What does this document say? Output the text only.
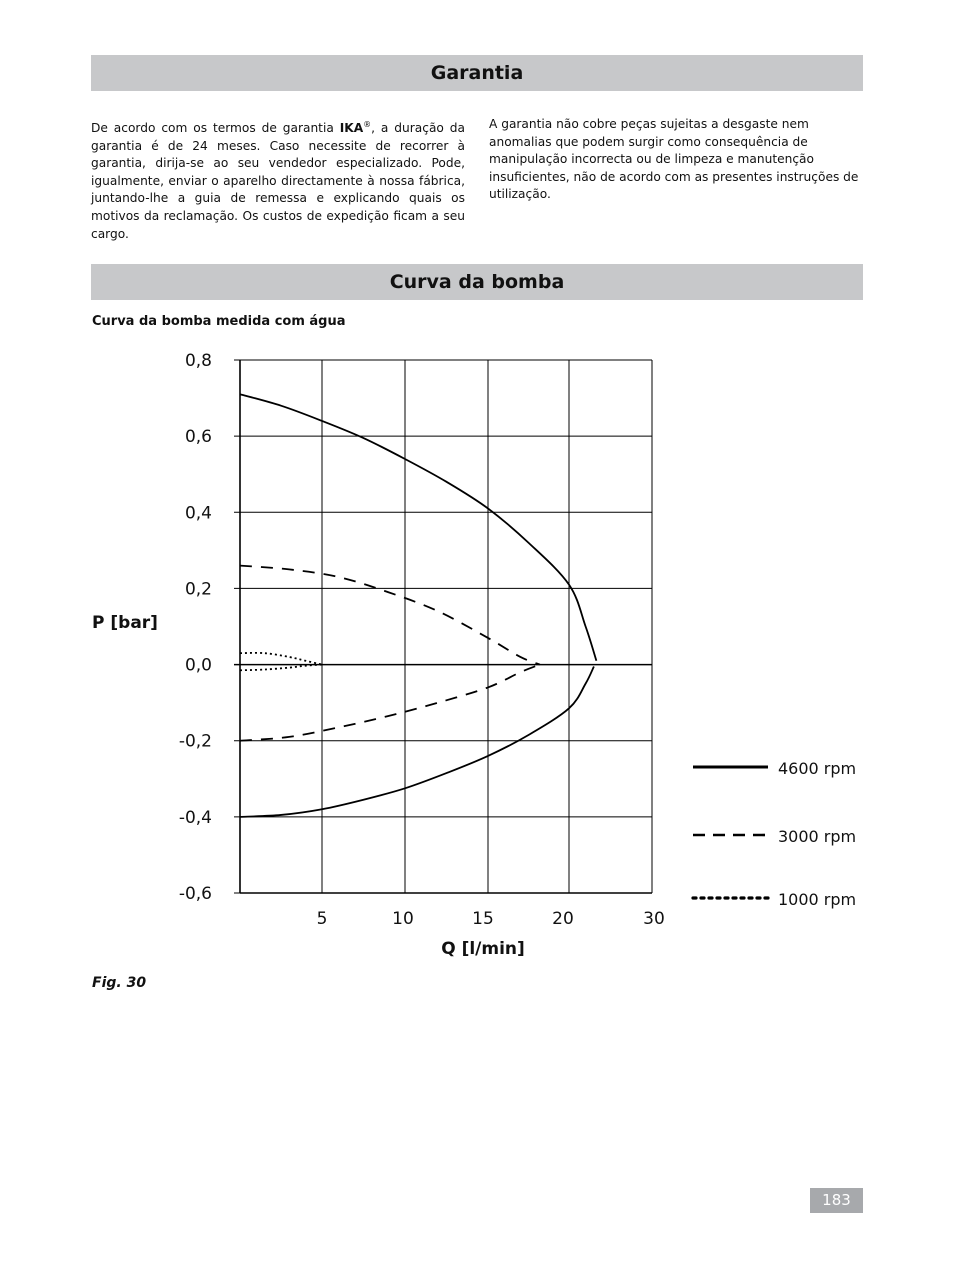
Garantia
De acordo com os termos de garantia IKA®, a duração da garantia é de 24 meses. Caso necessite de recorrer à garantia, dirija-se ao seu vendedor especializado. Pode, igualmente, enviar o aparelho directamente à nossa fábrica, juntando-lhe a guia de remessa e explicando quais os motivos da reclamação. Os custos de expedição ficam a seu cargo.
A garantia não cobre peças sujeitas a desgaste nem anomalias que podem surgir como consequência de manipulação incorrecta ou de limpeza e manutenção insuficientes, não de acordo com as presentes instruções de utilização.
Curva da bomba
Curva da bomba medida com água
0,8
0,6
0,4
0,2
0,0
-0,2
-0,4
-0,6
5	10	15	20	30
P [bar]
Q [l/min]
4600 rpm
3000 rpm
1000 rpm
Fig. 30
183
